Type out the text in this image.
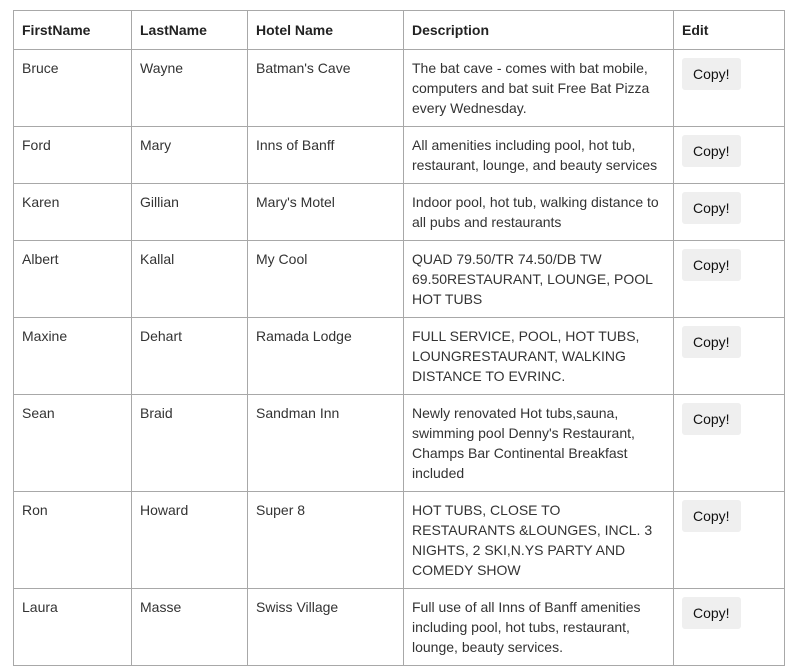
FirstName	LastName	Hotel Name	Description	Edit
Bruce	Wayne	Batman's Cave	The bat cave - comes with bat mobile, computers and bat suit Free Bat Pizza every Wednesday.	Copy!
Ford	Mary	Inns of Banff	All amenities including pool, hot tub, restaurant, lounge, and beauty services	Copy!
Karen	Gillian	Mary's Motel	Indoor pool, hot tub, walking distance to all pubs and restaurants	Copy!
Albert	Kallal	My Cool	QUAD 79.50/TR 74.50/DB TW 69.50RESTAURANT, LOUNGE, POOL HOT TUBS	Copy!
Maxine	Dehart	Ramada Lodge	FULL SERVICE, POOL, HOT TUBS, LOUNGRESTAURANT, WALKING DISTANCE TO EVRINC.	Copy!
Sean	Braid	Sandman Inn	Newly renovated Hot tubs,sauna, swimming pool Denny's Restaurant, Champs Bar Continental Breakfast included	Copy!
Ron	Howard	Super 8	HOT TUBS, CLOSE TO RESTAURANTS &LOUNGES, INCL. 3 NIGHTS, 2 SKI,N.YS PARTY AND COMEDY SHOW	Copy!
Laura	Masse	Swiss Village	Full use of all Inns of Banff amenities including pool, hot tubs, restaurant, lounge, beauty services.	Copy!
